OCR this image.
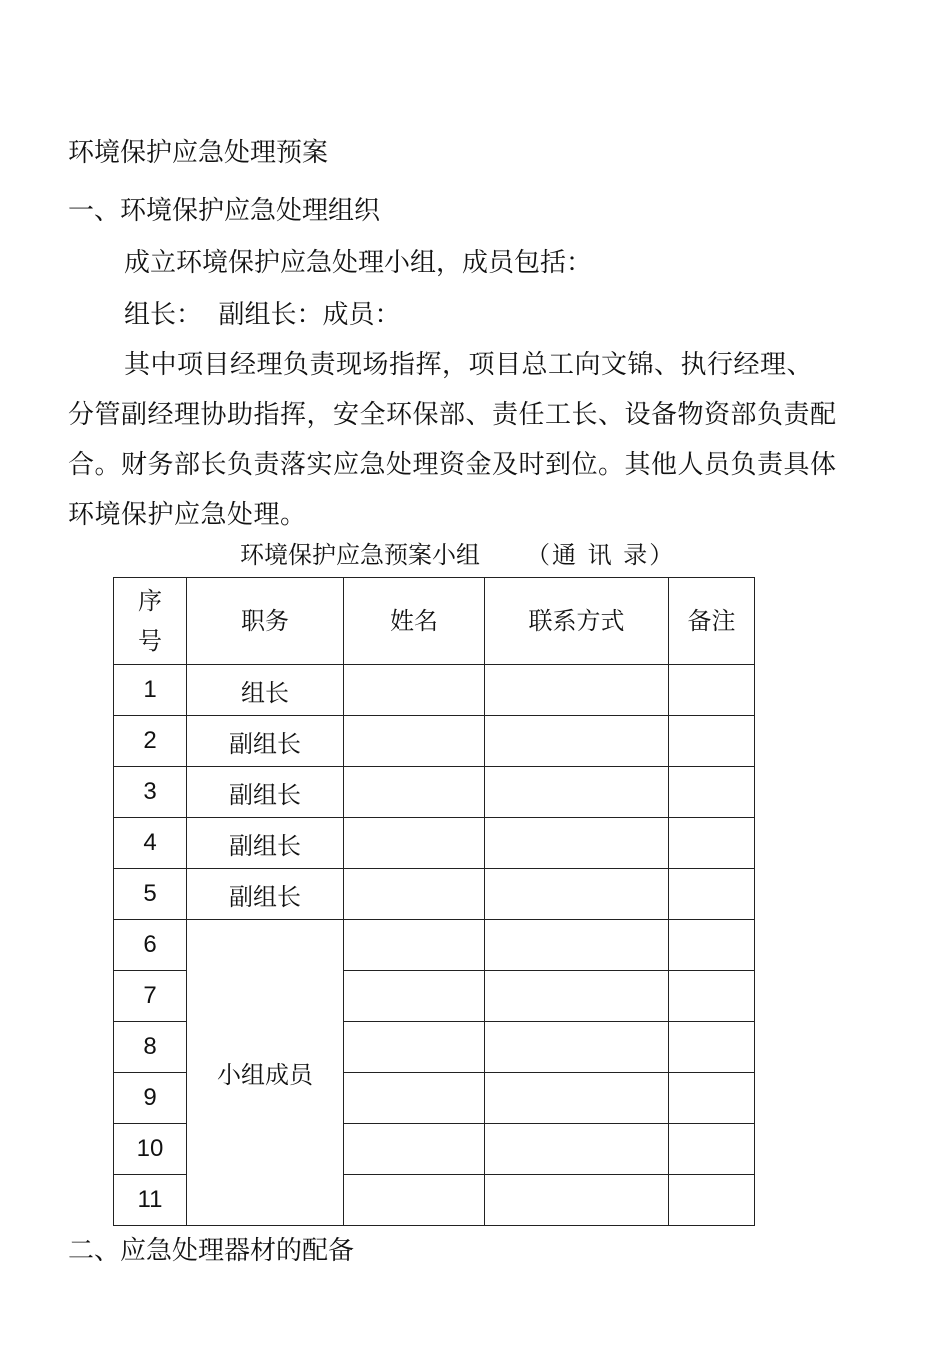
环境保护应急处理预案
一、环境保护应急处理组织
成立环境保护应急处理小组，成员包括：
组长：  副组长：成员：
其中项目经理负责现场指挥，项目总工向文锦、执行经理、分管副经理协助指挥，安全环保部、责任工长、设备物资部负责配合。财务部长负责落实应急处理资金及时到位。其他人员负责具体环境保护应急处理。
环境保护应急预案小组 （通 讯 录）
序
号	职务	姓名	联系方式	备注
1	组长			
2	副组长			
3	副组长			
4	副组长			
5	副组长			
6	小组成员			
7				
8				
9				
10				
11				
二、应急处理器材的配备
